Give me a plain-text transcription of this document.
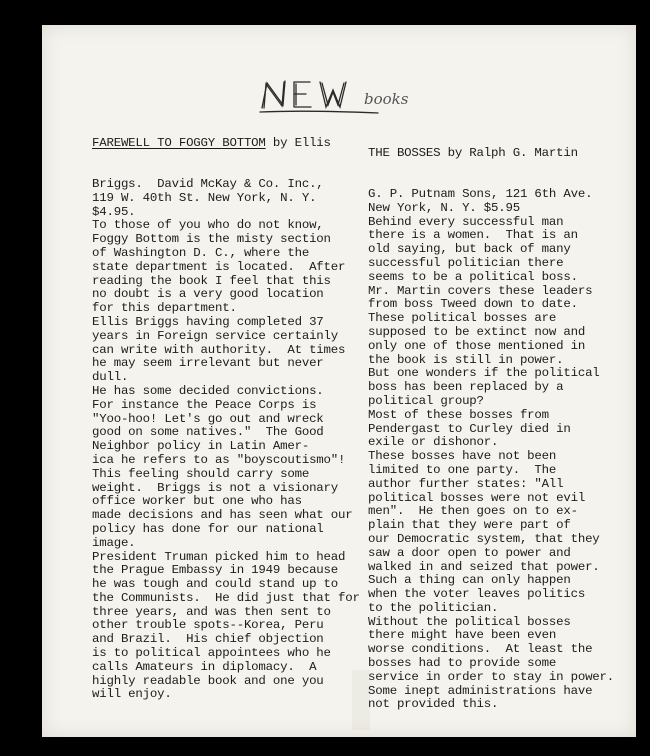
books
NEW

FAREWELL TO FOGGY BOTTOM by Ellis

Briggs.  David McKay & Co. Inc.,
119 W. 40th St. New York, N. Y.
$4.95.
To those of you who do not know,
Foggy Bottom is the misty section
of Washington D. C., where the
state department is located.  After
reading the book I feel that this
no doubt is a very good location
for this department.
Ellis Briggs having completed 37
years in Foreign service certainly
can write with authority.  At times
he may seem irrelevant but never
dull.
He has some decided convictions.
For instance the Peace Corps is
"Yoo-hoo! Let's go out and wreck
good on some natives."  The Good
Neighbor policy in Latin Amer-
ica he refers to as "boyscoutismo"!
This feeling should carry some
weight.  Briggs is not a visionary
office worker but one who has
made decisions and has seen what our
policy has done for our national
image.
President Truman picked him to head
the Prague Embassy in 1949 because
he was tough and could stand up to
the Communists.  He did just that for
three years, and was then sent to
other trouble spots--Korea, Peru
and Brazil.  His chief objection
is to political appointees who he
calls Amateurs in diplomacy.  A
highly readable book and one you
will enjoy.

THE BOSSES by Ralph G. Martin

G. P. Putnam Sons, 121 6th Ave.
New York, N. Y. $5.95
Behind every successful man
there is a women.  That is an
old saying, but back of many
successful politician there
seems to be a political boss.
Mr. Martin covers these leaders
from boss Tweed down to date.
These political bosses are
supposed to be extinct now and
only one of those mentioned in
the book is still in power.
But one wonders if the political
boss has been replaced by a
political group?
Most of these bosses from
Pendergast to Curley died in
exile or dishonor.
These bosses have not been
limited to one party.  The
author further states: "All
political bosses were not evil
men".  He then goes on to ex-
plain that they were part of
our Democratic system, that they
saw a door open to power and
walked in and seized that power.
Such a thing can only happen
when the voter leaves politics
to the politician.
Without the political bosses
there might have been even
worse conditions.  At least the
bosses had to provide some
service in order to stay in power.
Some inept administrations have
not provided this.
